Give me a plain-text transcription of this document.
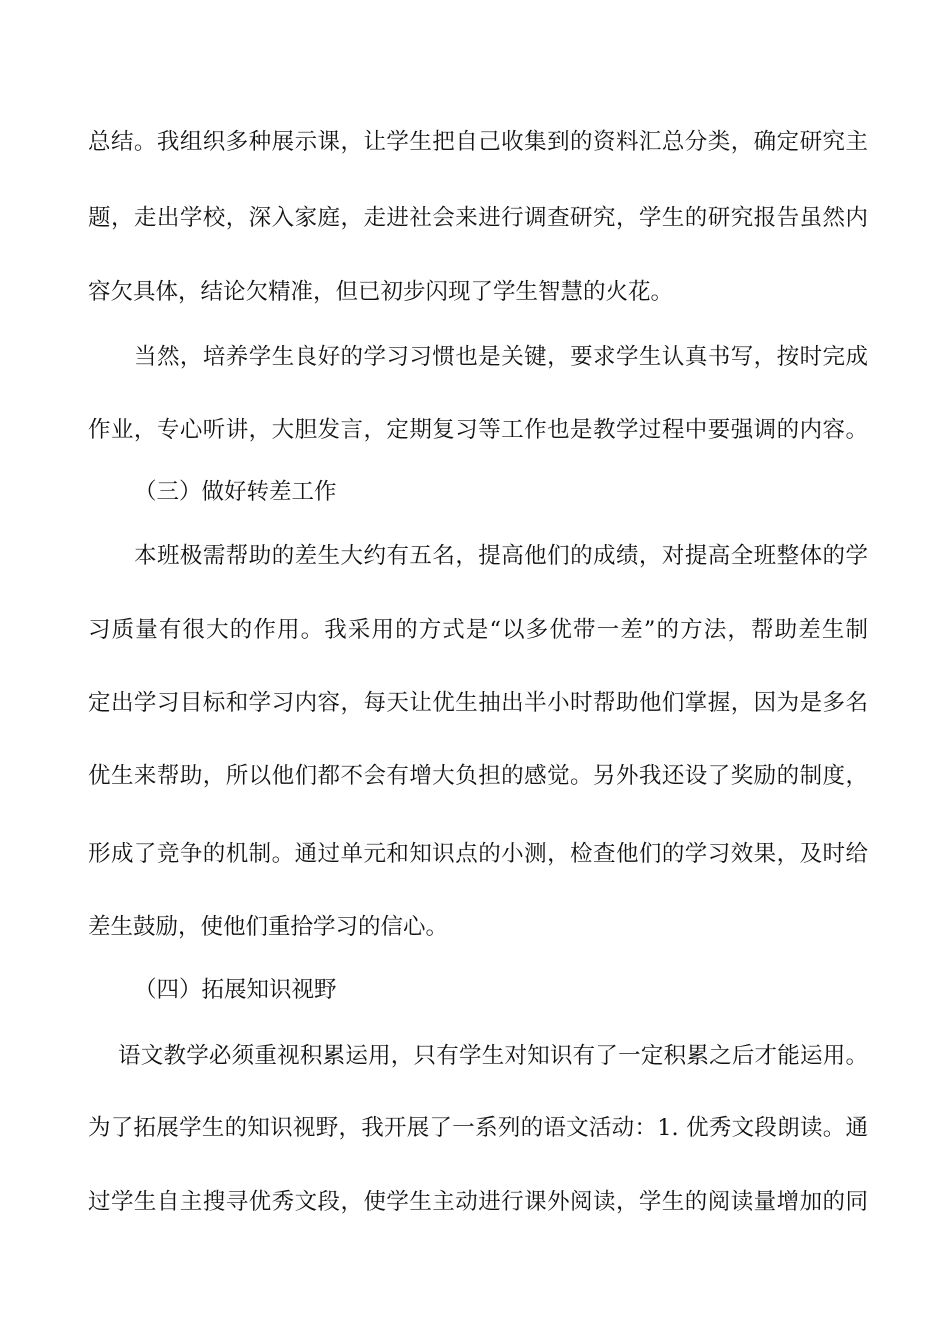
总结。我组织多种展示课，让学生把自己收集到的资料汇总分类，确定研究主
题，走出学校，深入家庭，走进社会来进行调查研究，学生的研究报告虽然内
容欠具体，结论欠精准，但已初步闪现了学生智慧的火花。
当然，培养学生良好的学习习惯也是关键，要求学生认真书写，按时完成
作业，专心听讲，大胆发言，定期复习等工作也是教学过程中要强调的内容。
（三）做好转差工作
本班极需帮助的差生大约有五名，提高他们的成绩，对提高全班整体的学
习质量有很大的作用。我采用的方式是“以多优带一差”的方法，帮助差生制
定出学习目标和学习内容，每天让优生抽出半小时帮助他们掌握，因为是多名
优生来帮助，所以他们都不会有增大负担的感觉。另外我还设了奖励的制度，
形成了竞争的机制。通过单元和知识点的小测，检查他们的学习效果，及时给
差生鼓励，使他们重拾学习的信心。
（四）拓展知识视野
语文教学必须重视积累运用，只有学生对知识有了一定积累之后才能运用。
为了拓展学生的知识视野，我开展了一系列的语文活动：1. 优秀文段朗读。通
过学生自主搜寻优秀文段，使学生主动进行课外阅读，学生的阅读量增加的同
